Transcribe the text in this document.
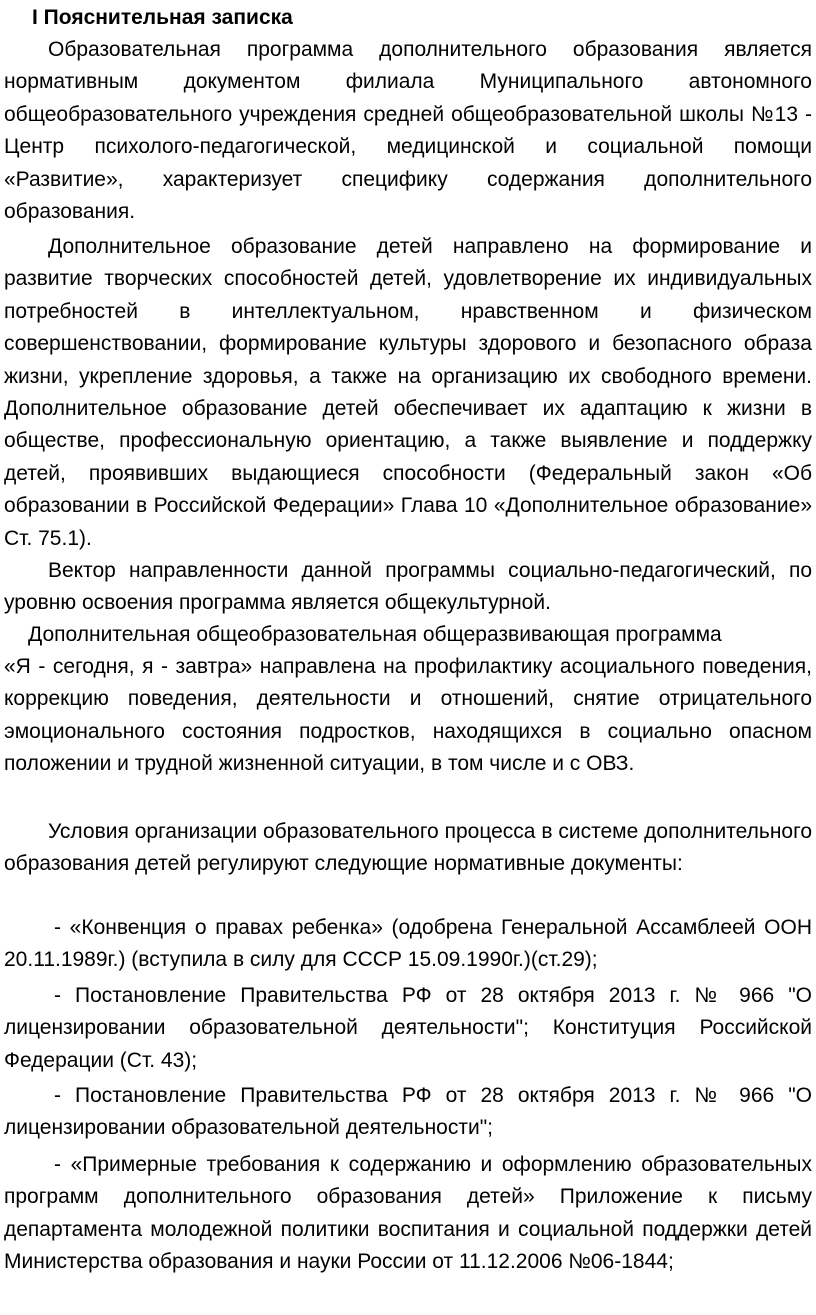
I Пояснительная записка

Образовательная программа дополнительного образования является нормативным документом филиала Муниципального автономного общеобразовательного учреждения средней общеобразовательной школы №13 - Центр психолого-педагогической, медицинской и социальной помощи «Развитие», характеризует специфику содержания дополнительного образования.

Дополнительное образование детей направлено на формирование и развитие творческих способностей детей, удовлетворение их индивидуальных потребностей в интеллектуальном, нравственном и физическом совершенствовании, формирование культуры здорового и безопасного образа жизни, укрепление здоровья, а также на организацию их свободного времени. Дополнительное образование детей обеспечивает их адаптацию к жизни в обществе, профессиональную ориентацию, а также выявление и поддержку детей, проявивших выдающиеся способности (Федеральный закон «Об образовании в Российской Федерации» Глава 10 «Дополнительное образование» Ст. 75.1).

Вектор направленности данной программы социально-педагогический, по уровню освоения программа является общекультурной.

Дополнительная общеобразовательная общеразвивающая программа

«Я - сегодня, я - завтра» направлена на профилактику асоциального поведения, коррекцию поведения, деятельности и отношений, снятие отрицательного эмоционального состояния подростков, находящихся в социально опасном положении и трудной жизненной ситуации, в том числе и с ОВЗ.

Условия организации образовательного процесса в системе дополнительного образования детей регулируют следующие нормативные документы:

- «Конвенция о правах ребенка» (одобрена Генеральной Ассамблеей ООН 20.11.1989г.) (вступила в силу для СССР 15.09.1990г.)(ст.29);

- Постановление Правительства РФ от 28 октября 2013 г. № 966 "О лицензировании образовательной деятельности"; Конституция Российской Федерации (Ст. 43);

- Постановление Правительства РФ от 28 октября 2013 г. № 966 "О лицензировании образовательной деятельности";

- «Примерные требования к содержанию и оформлению образовательных программ дополнительного образования детей» Приложение к письму департамента молодежной политики воспитания и социальной поддержки детей Министерства образования и науки России от 11.12.2006 №06-1844;
